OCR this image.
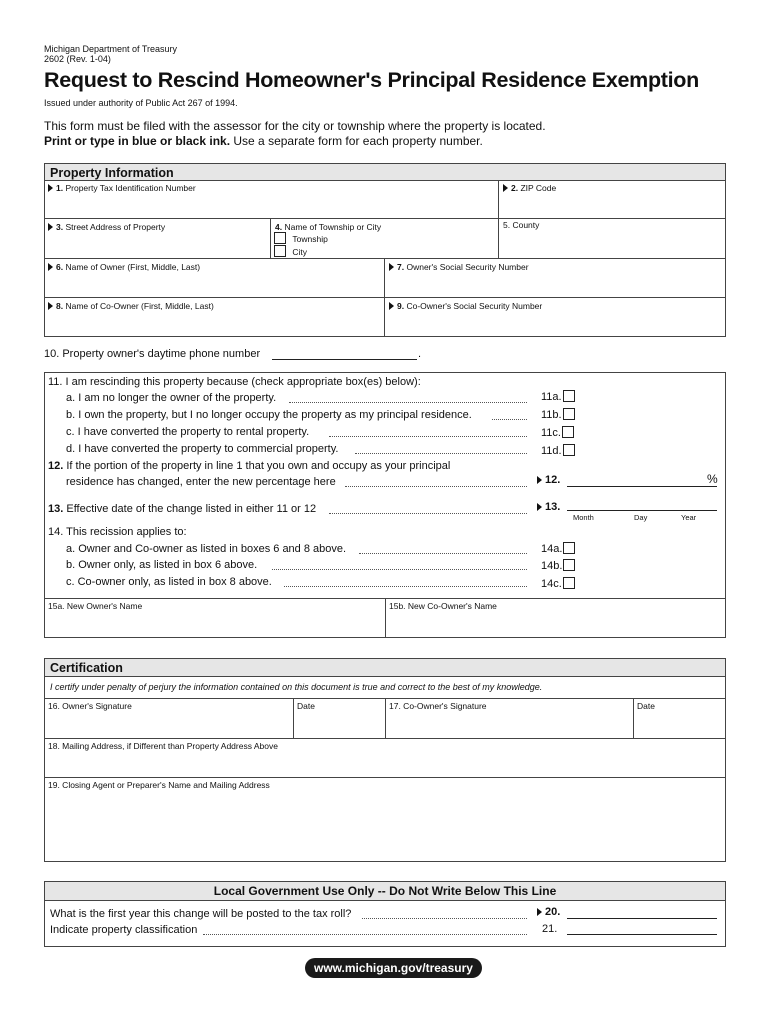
Michigan Department of Treasury
2602 (Rev. 1-04)
Request to Rescind Homeowner's Principal Residence Exemption
Issued under authority of Public Act 267 of 1994.
This form must be filed with the assessor for the city or township where the property is located.
Print or type in blue or black ink. Use a separate form for each property number.
Property Information
1. Property Tax Identification Number	2. ZIP Code
3. Street Address of Property	4. Name of Township or City
Township
City
5. County
6. Name of Owner (First, Middle, Last)	7. Owner's Social Security Number
8. Name of Co-Owner (First, Middle, Last)	9. Co-Owner's Social Security Number
10. Property owner's daytime phone number	.
11. I am rescinding this property because (check appropriate box(es) below):
a. I am no longer the owner of the property.	11a.
b. I own the property, but I no longer occupy the property as my principal residence.	11b.
c. I have converted the property to rental property.	11c.
d. I have converted the property to commercial property.	11d.
12. If the portion of the property in line 1 that you own and occupy as your principal
residence has changed, enter the new percentage here	12.	%
13. Effective date of the change listed in either 11 or 12	13.
Month	Day	Year
14. This recission applies to:
a. Owner and Co-owner as listed in boxes 6 and 8 above.	14a.
b. Owner only, as listed in box 6 above.	14b.
c. Co-owner only, as listed in box 8 above.	14c.
15a. New Owner's Name	15b. New Co-Owner's Name
Certification
I certify under penalty of perjury the information contained on this document is true and correct to the best of my knowledge.
16. Owner's Signature	Date	17. Co-Owner's Signature	Date
18. Mailing Address, if Different than Property Address Above
19. Closing Agent or Preparer's Name and Mailing Address
Local Government Use Only -- Do Not Write Below This Line
What is the first year this change will be posted to the tax roll?	20.
Indicate property classification	21.
www.michigan.gov/treasury
